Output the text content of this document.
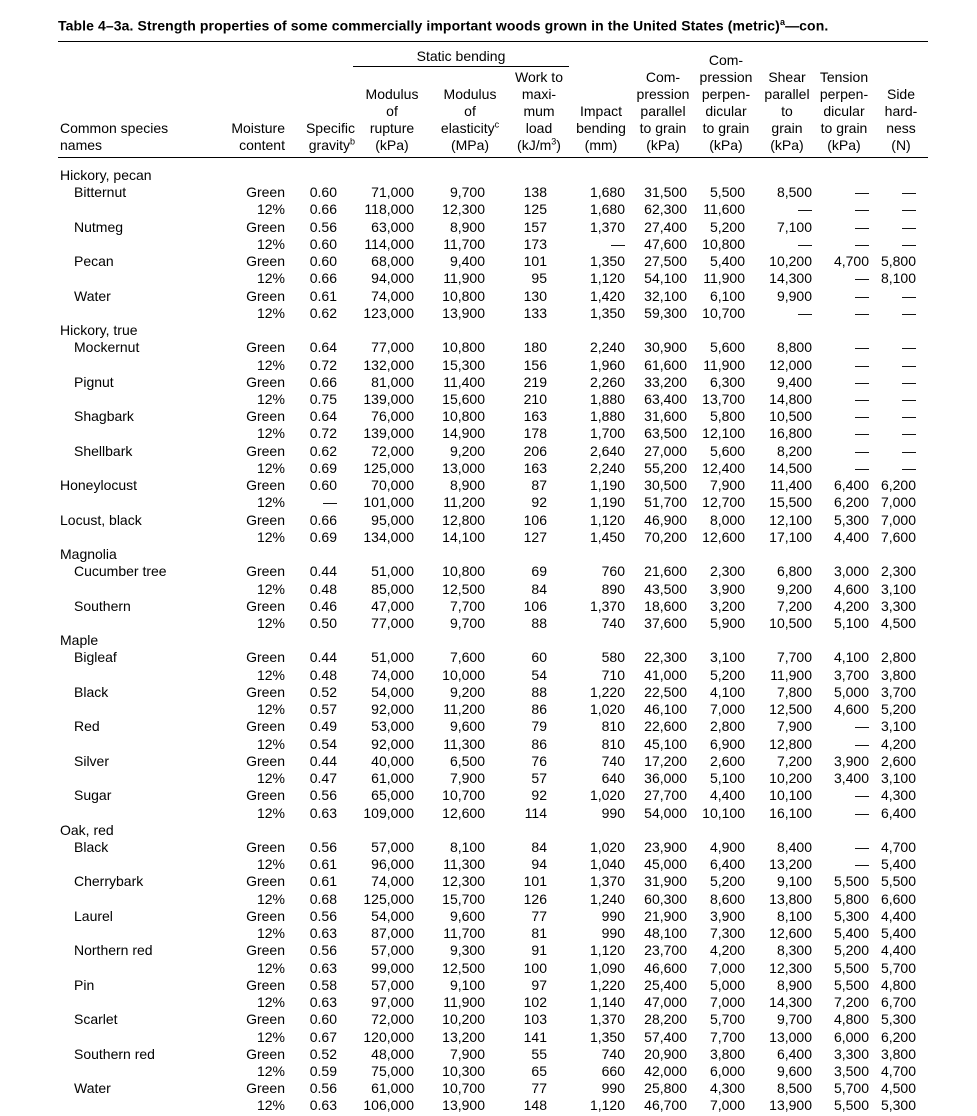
Table 4–3a. Strength properties of some commercially important woods grown in the United States (metric)$^a$—con.
Static bending
Common species
names
Moisture
content
Specific
gravity$^b$
Modulus
of
rupture
(kPa)
Modulus
of
elasticity$^c$
(MPa)
Work to
maxi-
mum
load
$(kJ/m^3)$
Impact
bending
(mm)
Com-
pression
parallel
to grain
(kPa)
Com-
pression
perpen-
dicular
to grain
(kPa)
Shear
parallel
to
grain
(kPa)
Tension
perpen-
dicular
to grain
(kPa)
Side
hard-
ness
(N)
Hickory, pecan
Bitternut	Green	0.60	71,000	9,700	138	1,680	31,500	5,500	8,500	—	—
12%	0.66	118,000	12,300	125	1,680	62,300	11,600	—	—	—
Nutmeg	Green	0.56	63,000	8,900	157	1,370	27,400	5,200	7,100	—	—
12%	0.60	114,000	11,700	173	—	47,600	10,800	—	—	—
Pecan	Green	0.60	68,000	9,400	101	1,350	27,500	5,400	10,200	4,700 5,800
12%	0.66	94,000	11,900	95	1,120	54,100	11,900	14,300	— 8,100
Water	Green	0.61	74,000	10,800	130	1,420	32,100	6,100	9,900	—	—
12%	0.62	123,000	13,900	133	1,350	59,300	10,700	—	—	—
Hickory, true
Mockernut	Green	0.64	77,000	10,800	180	2,240	30,900	5,600	8,800	—	—
12%	0.72	132,000	15,300	156	1,960	61,600	11,900	12,000	—	—
Pignut	Green	0.66	81,000	11,400	219	2,260	33,200	6,300	9,400	—	—
12%	0.75	139,000	15,600	210	1,880	63,400	13,700	14,800	—	—
Shagbark	Green	0.64	76,000	10,800	163	1,880	31,600	5,800	10,500	—	—
12%	0.72	139,000	14,900	178	1,700	63,500	12,100	16,800	—	—
Shellbark	Green	0.62	72,000	9,200	206	2,640	27,000	5,600	8,200	—	—
12%	0.69	125,000	13,000	163	2,240	55,200	12,400	14,500	—	—
Honeylocust	Green	0.60	70,000	8,900	87	1,190	30,500	7,900	11,400	6,400 6,200
12%	—	101,000	11,200	92	1,190	51,700	12,700	15,500	6,200 7,000
Locust, black	Green	0.66	95,000	12,800	106	1,120	46,900	8,000	12,100	5,300 7,000
12%	0.69	134,000	14,100	127	1,450	70,200	12,600	17,100	4,400 7,600
Magnolia
Cucumber tree	Green	0.44	51,000	10,800	69	760	21,600	2,300	6,800	3,000 2,300
12%	0.48	85,000	12,500	84	890	43,500	3,900	9,200	4,600 3,100
Southern	Green	0.46	47,000	7,700	106	1,370	18,600	3,200	7,200	4,200 3,300
12%	0.50	77,000	9,700	88	740	37,600	5,900	10,500	5,100 4,500
Maple
Bigleaf	Green	0.44	51,000	7,600	60	580	22,300	3,100	7,700	4,100 2,800
12%	0.48	74,000	10,000	54	710	41,000	5,200	11,900	3,700 3,800
Black	Green	0.52	54,000	9,200	88	1,220	22,500	4,100	7,800	5,000 3,700
12%	0.57	92,000	11,200	86	1,020	46,100	7,000	12,500	4,600 5,200
Red	Green	0.49	53,000	9,600	79	810	22,600	2,800	7,900	— 3,100
12%	0.54	92,000	11,300	86	810	45,100	6,900	12,800	— 4,200
Silver	Green	0.44	40,000	6,500	76	740	17,200	2,600	7,200	3,900 2,600
12%	0.47	61,000	7,900	57	640	36,000	5,100	10,200	3,400 3,100
Sugar	Green	0.56	65,000	10,700	92	1,020	27,700	4,400	10,100	— 4,300
12%	0.63	109,000	12,600	114	990	54,000	10,100	16,100	— 6,400
Oak, red
Black	Green	0.56	57,000	8,100	84	1,020	23,900	4,900	8,400	— 4,700
12%	0.61	96,000	11,300	94	1,040	45,000	6,400	13,200	— 5,400
Cherrybark	Green	0.61	74,000	12,300	101	1,370	31,900	5,200	9,100	5,500 5,500
12%	0.68	125,000	15,700	126	1,240	60,300	8,600	13,800	5,800 6,600
Laurel	Green	0.56	54,000	9,600	77	990	21,900	3,900	8,100	5,300 4,400
12%	0.63	87,000	11,700	81	990	48,100	7,300	12,600	5,400 5,400
Northern red	Green	0.56	57,000	9,300	91	1,120	23,700	4,200	8,300	5,200 4,400
12%	0.63	99,000	12,500	100	1,090	46,600	7,000	12,300	5,500 5,700
Pin	Green	0.58	57,000	9,100	97	1,220	25,400	5,000	8,900	5,500 4,800
12%	0.63	97,000	11,900	102	1,140	47,000	7,000	14,300	7,200 6,700
Scarlet	Green	0.60	72,000	10,200	103	1,370	28,200	5,700	9,700	4,800 5,300
12%	0.67	120,000	13,200	141	1,350	57,400	7,700	13,000	6,000 6,200
Southern red	Green	0.52	48,000	7,900	55	740	20,900	3,800	6,400	3,300 3,800
12%	0.59	75,000	10,300	65	660	42,000	6,000	9,600	3,500 4,700
Water	Green	0.56	61,000	10,700	77	990	25,800	4,300	8,500	5,700 4,500
12%	0.63	106,000	13,900	148	1,120	46,700	7,000	13,900	5,500 5,300
